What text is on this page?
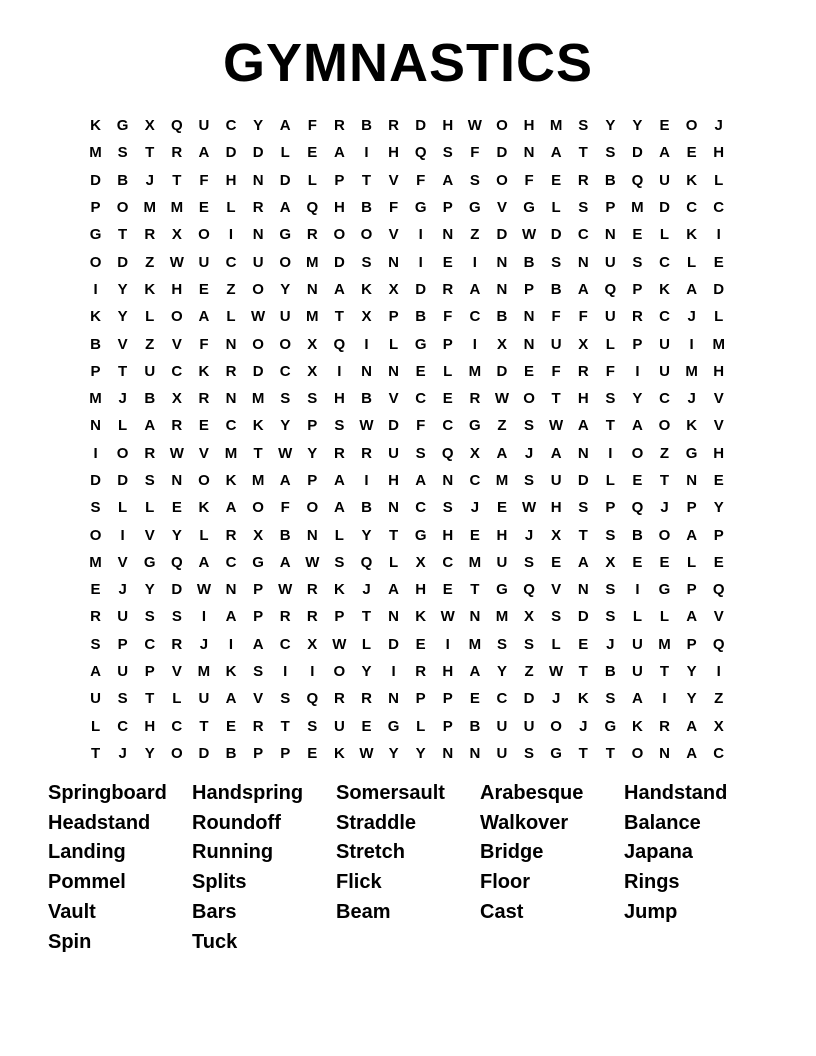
GYMNASTICS
K	G	X	Q	U	C	Y	A	F	R	B	R	D	H W O	H	M	S	Y	Y	E	O	J
M	S	T	R	A	D	D	L	E	A	I	H	Q	S	F	D	N	A	T	S	D	A	E	H
D	B	J	T	F	H	N	D	L	P	T	V	F	A	S	O	F	E	R	B	Q	U	K	L
P	O	M M	E	L	R	A	Q	H	B	F	G	P	G	V	G	L	S	P	M	D	C	C
G	T	R	X	O	I	N	G	R	O	O	V	I	N	Z	D W D	C	N	E	L	K	I
O	D	Z	W U	C	U	O	M	D	S	N	I	E	I	N	B	S	N	U	S	C	L	E
I	Y	K	H	E	Z	O	Y	N	A	K	X	D	R	A	N	P	B	A	Q	P	K	A	D
K	Y	L	O	A	L	W U	M	T	X	P	B	F	C	B	N	F	F	U	R	C	J	L
B	V	Z	V	F	N	O	O	X	Q	I	L	G	P	I	X	N	U	X	L	P	U	I	M
P	T	U	C	K	R	D	C	X	I	N	N	E	L	M	D	E	F	R	F	I	U	M	H
M	J	B	X	R	N	M	S	S	H	B	V	C	E	R W O	T	H	S	Y	C	J	V
N	L	A	R	E	C	K	Y	P	S	W D	F	C	G	Z	S	W A	T	A	O	K	V
I	O	R W	V	M	T	W	Y	R	R	U	S	Q	X	A	J	A	N	I	O	Z	G	H
D	D	S	N	O	K	M	A	P	A	I	H	A	N	C	M	S	U	D	L	E	T	N	E
S	L	L	E	K	A	O	F	O	A	B	N	C	S	J	E	W H	S	P	Q	J	P	Y
O	I	V	Y	L	R	X	B	N	L	Y	T	G	H	E	H	J	X	T	S	B	O	A	P
M	V	G	Q	A	C	G	A W	S	Q	L	X	C	M	U	S	E	A	X	E	E	L	E
E	J	Y	D W N	P	W R	K	J	A	H	E	T	G	Q	V	N	S	I	G	P	Q
R	U	S	S	I	A	P	R	R	P	T	N	K W N	M	X	S	D	S	L	L	A	V
S	P	C	R	J	I	A	C	X	W	L	D	E	I	M	S	S	L	E	J	U	M	P	Q
A	U	P	V	M	K	S	I	I	O	Y	I	R	H	A	Y	Z	W	T	B	U	T	Y	I
U	S	T	L	U	A	V	S	Q	R	R	N	P	P	E	C	D	J	K	S	A	I	Y	Z
L	C	H	C	T	E	R	T	S	U	E	G	L	P	B	U	U	O	J	G	K	R	A	X
T	J	Y	O	D	B	P	P	E	K W	Y	Y	N	N	U	S	G	T	T	O	N	A	C
Springboard	Handspring	Somersault	Arabesque	Handstand
Headstand	Roundoff	Straddle	Walkover	Balance
Landing	Running	Stretch	Bridge	Japana
Pommel	Splits	Flick	Floor	Rings
Vault	Bars	Beam	Cast	Jump
Spin	Tuck
